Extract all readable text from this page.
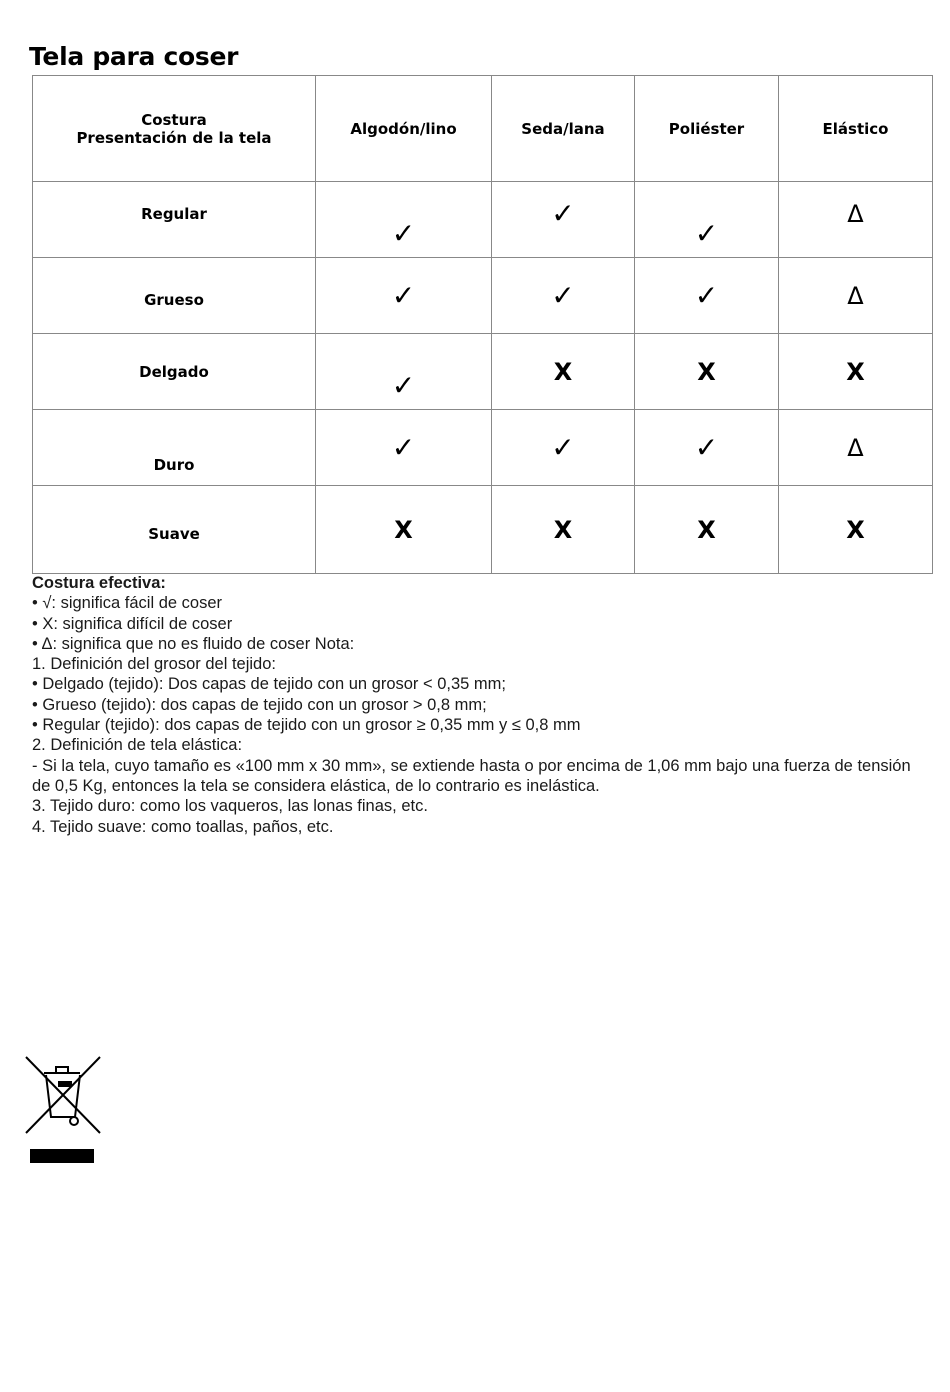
Tela para coser
Costura
Presentación de la tela	Algodón/lino	Seda/lana	Poliéster	Elástico
Regular	✓	✓	✓	Δ
Grueso	✓	✓	✓	Δ
Delgado	✓	X	X	X
Duro	✓	✓	✓	Δ
Suave	X	X	X	X
Costura efectiva:
• √: significa fácil de coser
• X: significa difícil de coser
• Δ: significa que no es fluido de coser Nota:
1. Definición del grosor del tejido:
• Delgado (tejido): Dos capas de tejido con un grosor < 0,35 mm;
• Grueso (tejido): dos capas de tejido con un grosor > 0,8 mm;
• Regular (tejido): dos capas de tejido con un grosor ≥ 0,35 mm y ≤ 0,8 mm
2. Definición de tela elástica:
- Si la tela, cuyo tamaño es «100 mm x 30 mm», se extiende hasta o por encima de 1,06 mm bajo una fuerza de tensión de 0,5 Kg, entonces la tela se considera elástica, de lo contrario es inelástica.
3. Tejido duro: como los vaqueros, las lonas finas, etc.
4. Tejido suave: como toallas, paños, etc.
